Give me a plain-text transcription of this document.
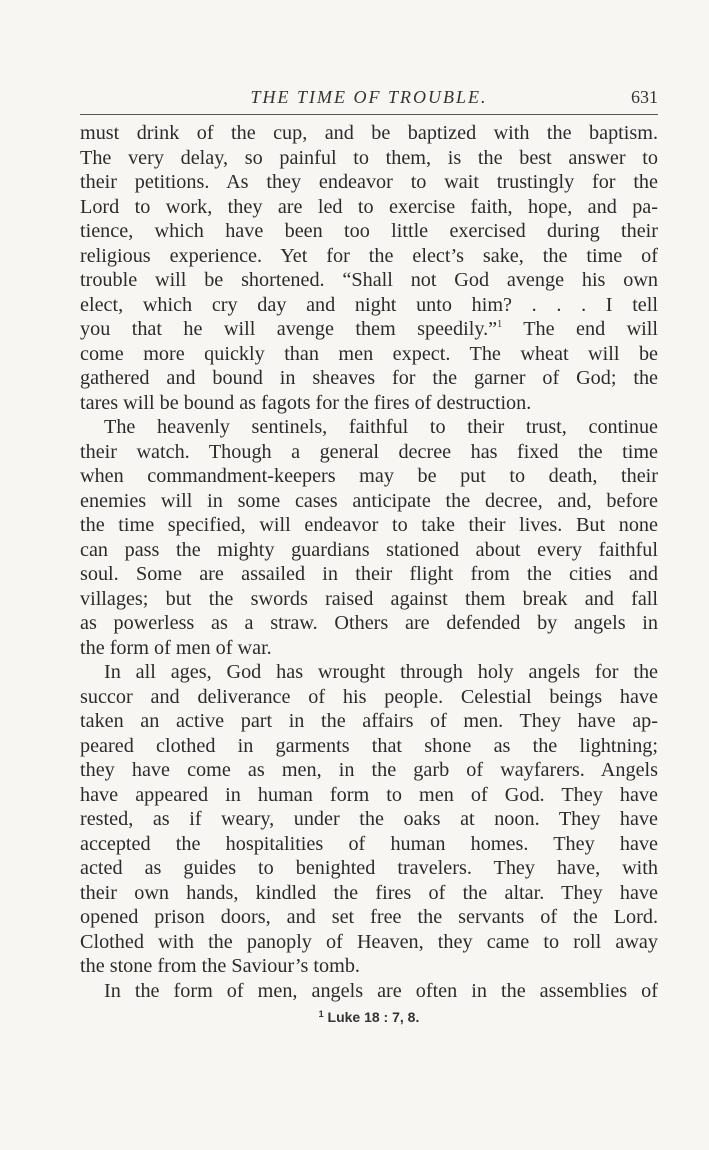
THE TIME OF TROUBLE.	631

must drink of the cup, and be baptized with the baptism.
The very delay, so painful to them, is the best answer to
their petitions. As they endeavor to wait trustingly for the
Lord to work, they are led to exercise faith, hope, and pa-
tience, which have been too little exercised during their
religious experience. Yet for the elect’s sake, the time of
trouble will be shortened. “Shall not God avenge his own
elect, which cry day and night unto him? . . . I tell
you that he will avenge them speedily.”$^1$ The end will
come more quickly than men expect. The wheat will be
gathered and bound in sheaves for the garner of God; the
tares will be bound as fagots for the fires of destruction.

The heavenly sentinels, faithful to their trust, continue
their watch. Though a general decree has fixed the time
when commandment-keepers may be put to death, their
enemies will in some cases anticipate the decree, and, before
the time specified, will endeavor to take their lives. But none
can pass the mighty guardians stationed about every faithful
soul. Some are assailed in their flight from the cities and
villages; but the swords raised against them break and fall
as powerless as a straw. Others are defended by angels in
the form of men of war.

In all ages, God has wrought through holy angels for the
succor and deliverance of his people. Celestial beings have
taken an active part in the affairs of men. They have ap-
peared clothed in garments that shone as the lightning;
they have come as men, in the garb of wayfarers. Angels
have appeared in human form to men of God. They have
rested, as if weary, under the oaks at noon. They have
accepted the hospitalities of human homes. They have
acted as guides to benighted travelers. They have, with
their own hands, kindled the fires of the altar. They have
opened prison doors, and set free the servants of the Lord.
Clothed with the panoply of Heaven, they came to roll away
the stone from the Saviour’s tomb.

In the form of men, angels are often in the assemblies of

$^1$ Luke 18 : 7, 8.
